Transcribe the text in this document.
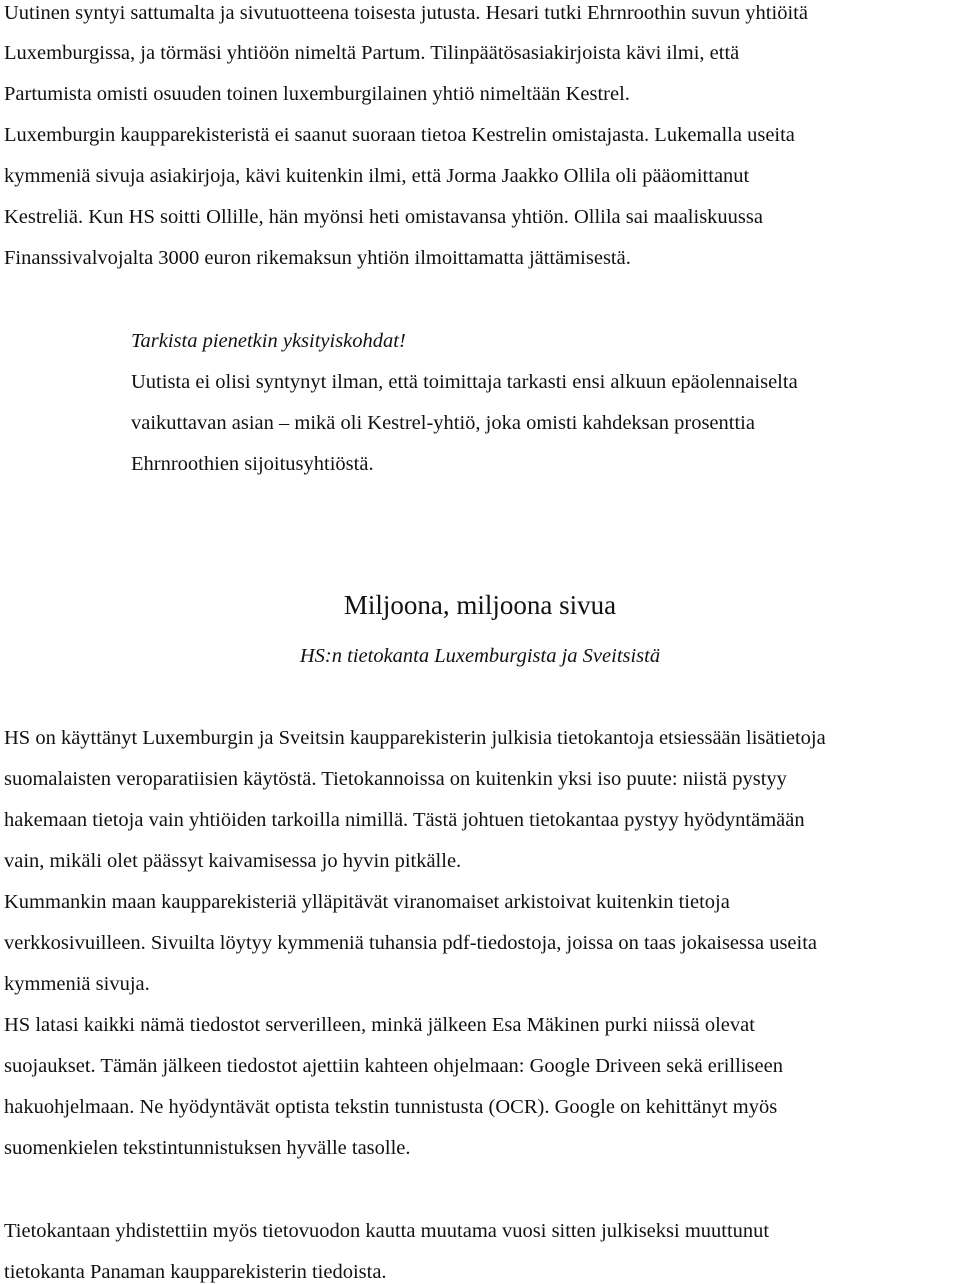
Uutinen syntyi sattumalta ja sivutuotteena toisesta jutusta. Hesari tutki Ehrnroothin suvun yhtiöitä

Luxemburgissa, ja törmäsi yhtiöön nimeltä Partum. Tilinpäätösasiakirjoista kävi ilmi, että

Partumista omisti osuuden toinen luxemburgilainen yhtiö nimeltään Kestrel.

Luxemburgin kaupparekisteristä ei saanut suoraan tietoa Kestrelin omistajasta. Lukemalla useita

kymmeniä sivuja asiakirjoja, kävi kuitenkin ilmi, että Jorma Jaakko Ollila oli pääomittanut

Kestreliä. Kun HS soitti Ollille, hän myönsi heti omistavansa yhtiön. Ollila sai maaliskuussa

Finanssivalvojalta 3000 euron rikemaksun yhtiön ilmoittamatta jättämisestä.

Tarkista pienetkin yksityiskohdat!

Uutista ei olisi syntynyt ilman, että toimittaja tarkasti ensi alkuun epäolennaiselta

vaikuttavan asian – mikä oli Kestrel-yhtiö, joka omisti kahdeksan prosenttia

Ehrnroothien sijoitusyhtiöstä.

Miljoona, miljoona sivua
HS:n tietokanta Luxemburgista ja Sveitsistä

HS on käyttänyt Luxemburgin ja Sveitsin kaupparekisterin julkisia tietokantoja etsiessään lisätietoja

suomalaisten veroparatiisien käytöstä. Tietokannoissa on kuitenkin yksi iso puute: niistä pystyy

hakemaan tietoja vain yhtiöiden tarkoilla nimillä. Tästä johtuen tietokantaa pystyy hyödyntämään

vain, mikäli olet päässyt kaivamisessa jo hyvin pitkälle.

Kummankin maan kaupparekisteriä ylläpitävät viranomaiset arkistoivat kuitenkin tietoja

verkkosivuilleen. Sivuilta löytyy kymmeniä tuhansia pdf-tiedostoja, joissa on taas jokaisessa useita

kymmeniä sivuja.

HS latasi kaikki nämä tiedostot serverilleen, minkä jälkeen Esa Mäkinen purki niissä olevat

suojaukset. Tämän jälkeen tiedostot ajettiin kahteen ohjelmaan: Google Driveen sekä erilliseen

hakuohjelmaan. Ne hyödyntävät optista tekstin tunnistusta (OCR). Google on kehittänyt myös

suomenkielen tekstintunnistuksen hyvälle tasolle.

Tietokantaan yhdistettiin myös tietovuodon kautta muutama vuosi sitten julkiseksi muuttunut

tietokanta Panaman kaupparekisterin tiedoista.
